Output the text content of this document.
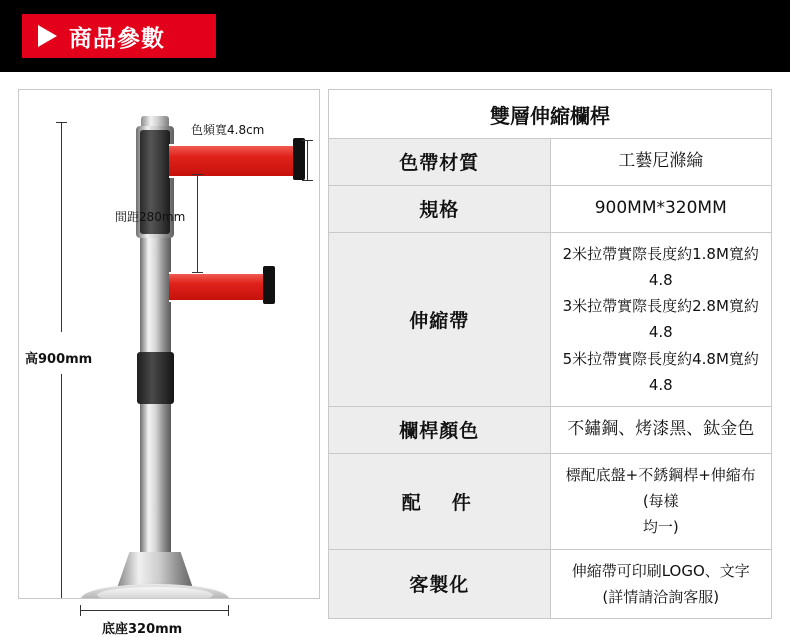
商品參數
色頻寬4.8cm
間距280mm
高900mm
底座320mm
雙層伸縮欄桿	
色帶材質	工藝尼滌綸
規格	900MM*320MM
伸縮帶	2米拉帶實際長度約1.8M寬約4.8
3米拉帶實際長度約2.8M寬約4.8
5米拉帶實際長度約4.8M寬約4.8

欄桿顏色	不鏽鋼、烤漆黑、鈦金色
配　件	標配底盤+不銹鋼桿+伸縮布 (每樣
均一)

客製化	伸縮帶可印刷LOGO、文字
(詳情請洽詢客服)
